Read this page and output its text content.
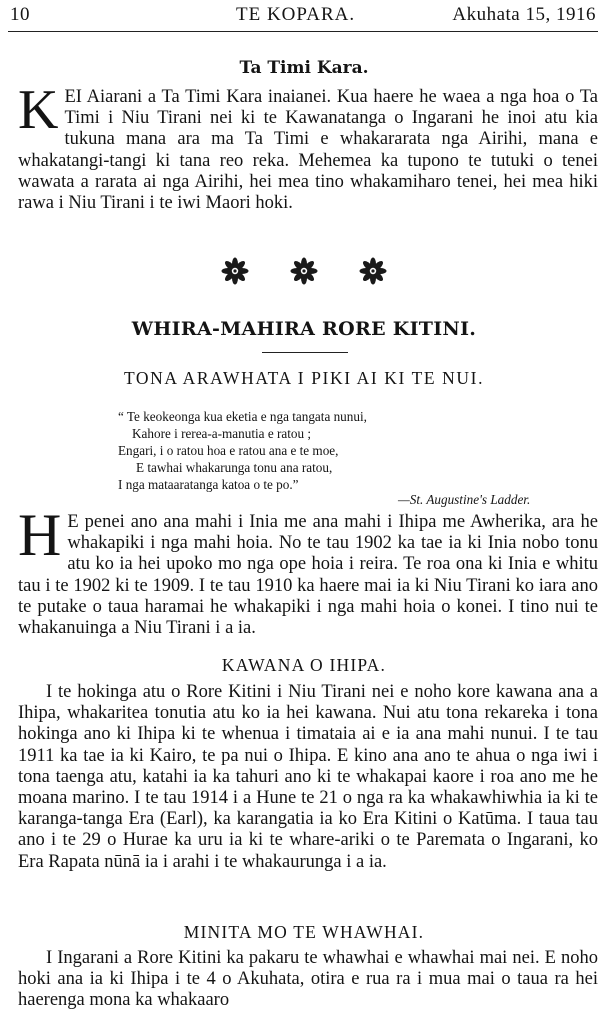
10	TE KOPARA.	Akuhata 15, 1916
Ta Timi Kara.

KEI Aiarani a Ta Timi Kara inaianei. Kua haere he waea a nga hoa o Ta Timi i Niu Tirani nei ki te Kawanatanga o Ingarani he inoi atu kia tukuna mana ara ma Ta Timi e whakararata nga Airihi, mana e whakatangi-tangi ki tana reo reka. Mehemea ka tupono te tutuki o tenei wawata a rarata ai nga Airihi, hei mea tino whakamiharo tenei, hei mea hiki rawa i Niu Tirani i te iwi Maori hoki.

WHIRA-MAHIRA RORE KITINI.
TONA ARAWHATA I PIKI AI KI TE NUI.
“ Te keokeonga kua eketia e nga tangata nunui,
Kahore i rerea-a-manutia e ratou ;
Engari, i o ratou hoa e ratou ana e te moe,
E tawhai whakarunga tonu ana ratou,
I nga mataaratanga katoa o te po.”
—St. Augustine's Ladder.

H E penei ano ana mahi i Inia me ana mahi i Ihipa me Awherika, ara he whakapiki i nga mahi hoia. No te tau 1902 ka tae ia ki Inia nobo tonu atu ko ia hei upoko mo nga ope hoia i reira. Te roa ona ki Inia e whitu tau i te 1902 ki te 1909. I te tau 1910 ka haere mai ia ki Niu Tirani ko iara ano te putake o taua haramai he whakapiki i nga mahi hoia o konei. I tino nui te whakanuinga a Niu Tirani i a ia.

KAWANA O IHIPA.

I te hokinga atu o Rore Kitini i Niu Tirani nei e noho kore kawana ana a Ihipa, whakaritea tonutia atu ko ia hei kawana. Nui atu tona rekareka i tona hokinga ano ki Ihipa ki te whenua i timataia ai e ia ana mahi nunui. I te tau 1911 ka tae ia ki Kairo, te pa nui o Ihipa. E kino ana ano te ahua o nga iwi i tona taenga atu, katahi ia ka tahuri ano ki te whakapai kaore i roa ano me he moana marino. I te tau 1914 i a Hune te 21 o nga ra ka whakawhiwhia ia ki te karanga-tanga Era (Earl), ka karangatia ia ko Era Kitini o Katūma. I taua tau ano i te 29 o Hurae ka uru ia ki te whare-ariki o te Paremata o Ingarani, ko Era Rapata nūnā ia i arahi i te whakaurunga i a ia.

MINITA MO TE WHAWHAI.

I Ingarani a Rore Kitini ka pakaru te whawhai e whawhai mai nei. E noho hoki ana ia ki Ihipa i te 4 o Akuhata, otira e rua ra i mua mai o taua ra hei haerenga mona ka whakaaro
